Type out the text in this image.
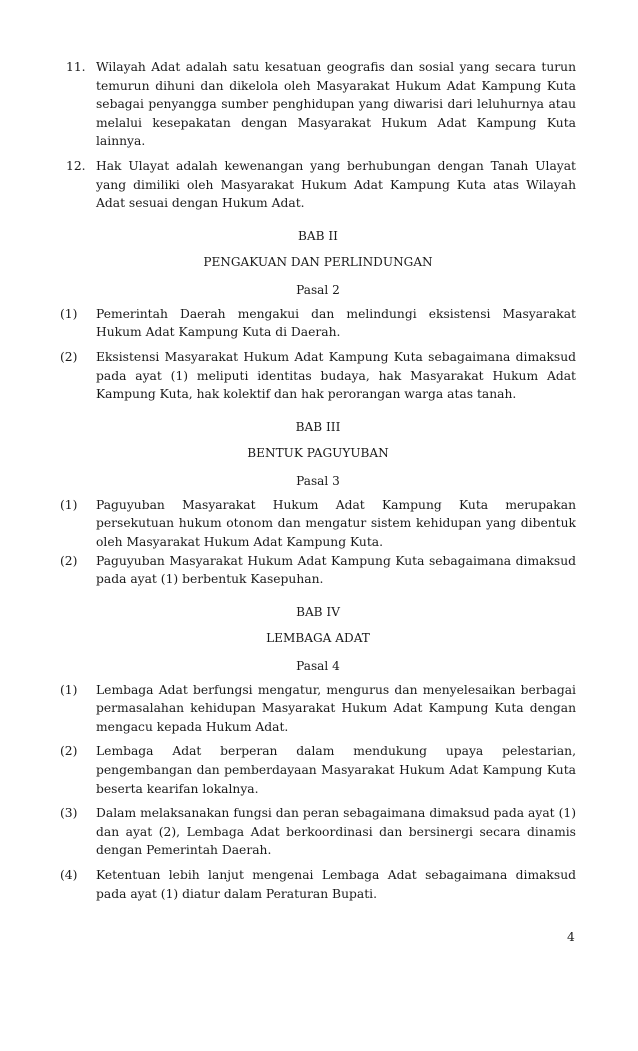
11. Wilayah Adat adalah satu kesatuan geografis dan sosial yang secara turun temurun dihuni dan dikelola oleh Masyarakat Hukum Adat Kampung Kuta sebagai penyangga sumber penghidupan yang diwarisi dari leluhurnya atau melalui kesepakatan dengan Masyarakat Hukum Adat Kampung Kuta lainnya.
12. Hak Ulayat adalah kewenangan yang berhubungan dengan Tanah Ulayat yang dimiliki oleh Masyarakat Hukum Adat Kampung Kuta atas Wilayah Adat sesuai dengan Hukum Adat.
BAB II
PENGAKUAN DAN PERLINDUNGAN
Pasal 2
(1)	Pemerintah Daerah mengakui dan melindungi eksistensi Masyarakat Hukum Adat Kampung Kuta di Daerah.
(2)	Eksistensi Masyarakat Hukum Adat Kampung Kuta sebagaimana dimaksud pada ayat (1) meliputi identitas budaya, hak Masyarakat Hukum Adat Kampung Kuta, hak kolektif dan hak perorangan warga atas tanah.
BAB III
BENTUK PAGUYUBAN
Pasal 3
(1)	Paguyuban Masyarakat Hukum Adat Kampung Kuta merupakan persekutuan hukum otonom dan mengatur sistem kehidupan yang dibentuk oleh Masyarakat Hukum Adat Kampung Kuta.
(2)	Paguyuban Masyarakat Hukum Adat Kampung Kuta sebagaimana dimaksud pada ayat (1) berbentuk Kasepuhan.
BAB IV
LEMBAGA ADAT
Pasal 4
(1)	Lembaga Adat berfungsi mengatur, mengurus dan menyelesaikan berbagai permasalahan kehidupan Masyarakat Hukum Adat Kampung Kuta dengan mengacu kepada Hukum Adat.
(2)	Lembaga Adat berperan dalam mendukung upaya pelestarian, pengembangan dan pemberdayaan Masyarakat Hukum Adat Kampung Kuta beserta kearifan lokalnya.
(3)	Dalam melaksanakan fungsi dan peran sebagaimana dimaksud pada ayat (1) dan ayat (2), Lembaga Adat berkoordinasi dan bersinergi secara dinamis dengan Pemerintah Daerah.
(4)	Ketentuan lebih lanjut mengenai Lembaga Adat sebagaimana dimaksud pada ayat (1) diatur dalam Peraturan Bupati.
4
